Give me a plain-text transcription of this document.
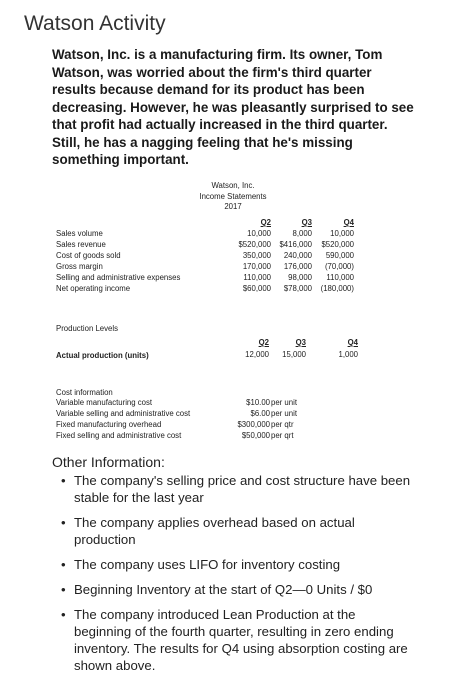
Watson Activity
Watson, Inc. is a manufacturing firm. Its owner, Tom Watson, was worried about the firm's third quarter results because demand for its product has been decreasing. However, he was pleasantly surprised to see that profit had actually increased in the third quarter. Still, he has a nagging feeling that he's missing something important.
Watson, Inc.
Income Statements
2017
Q2	Q3	Q4
Sales volume	10,000	8,000	10,000
Sales revenue	$520,000	$416,000	$520,000
Cost of goods sold	350,000	240,000	590,000
Gross margin	170,000	176,000	(70,000)
Selling and administrative expenses	110,000	98,000	110,000
Net operating income	$60,000	$78,000	(180,000)
Production Levels
Q2	Q3	Q4
Actual production (units)	12,000	15,000	1,000
Cost information
Variable manufacturing cost	$10.00 per unit
Variable selling and administrative cost	$6.00 per unit
Fixed manufacturing overhead	$300,000 per qtr
Fixed selling and administrative cost	$50,000 per qrt
Other Information:
• The company's selling price and cost structure have been stable for the last year
• The company applies overhead based on actual production
• The company uses LIFO for inventory costing
• Beginning Inventory at the start of Q2—0 Units / $0
• The company introduced Lean Production at the beginning of the fourth quarter, resulting in zero ending inventory. The results for Q4 using absorption costing are shown above.
